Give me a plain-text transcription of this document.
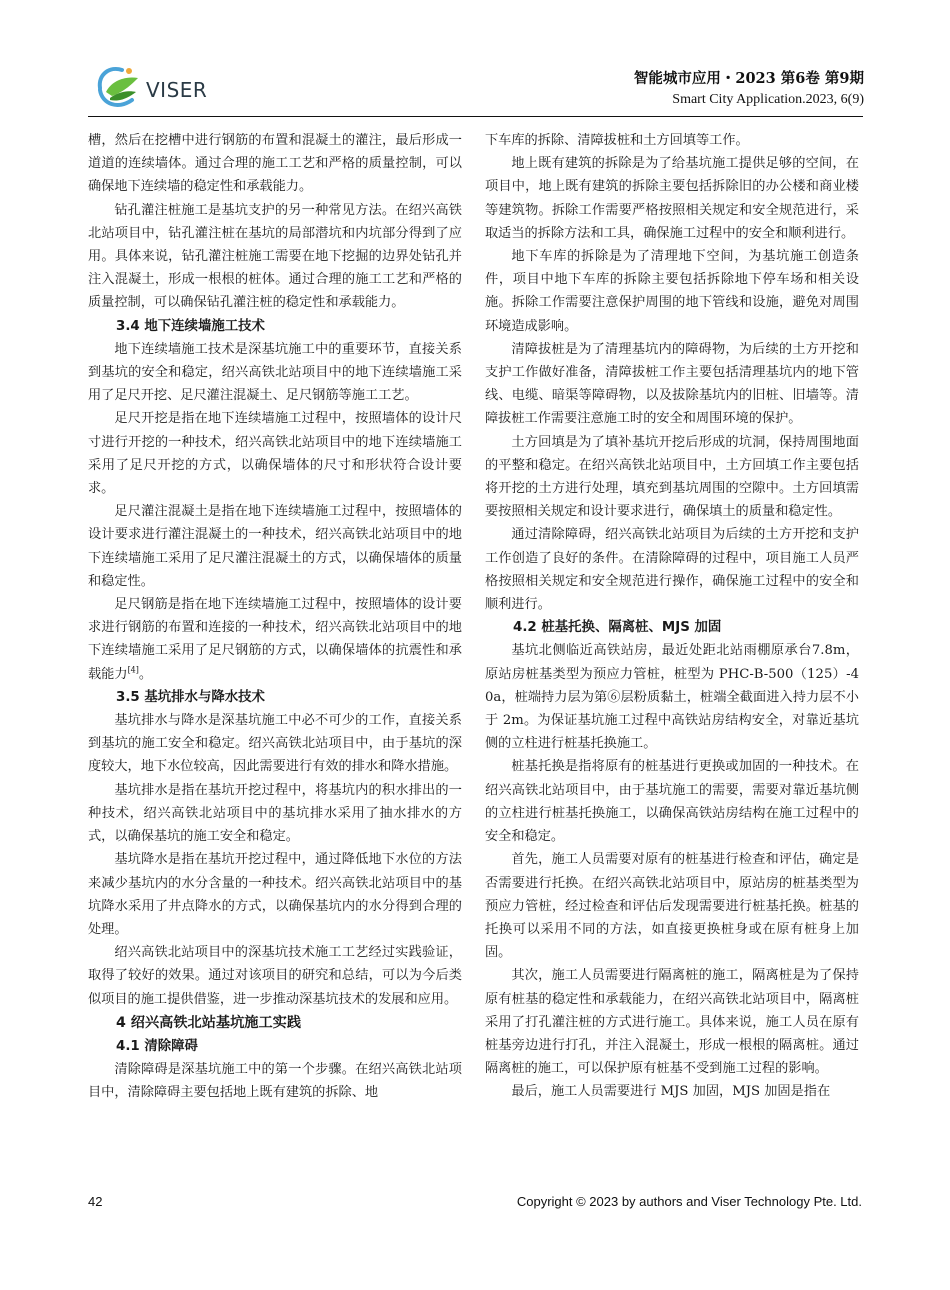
VISER	智能城市应用・2023 第6卷 第9期
Smart City Application.2023, 6(9)

槽，然后在挖槽中进行钢筋的布置和混凝土的灌注，最后形成一道道的连续墙体。通过合理的施工工艺和严格的质量控制，可以确保地下连续墙的稳定性和承载能力。

钻孔灌注桩施工是基坑支护的另一种常见方法。在绍兴高铁北站项目中，钻孔灌注桩在基坑的局部潜坑和内坑部分得到了应用。具体来说，钻孔灌注桩施工需要在地下挖掘的边界处钻孔并注入混凝土，形成一根根的桩体。通过合理的施工工艺和严格的质量控制，可以确保钻孔灌注桩的稳定性和承载能力。

3.4 地下连续墙施工技术

地下连续墙施工技术是深基坑施工中的重要环节，直接关系到基坑的安全和稳定，绍兴高铁北站项目中的地下连续墙施工采用了足尺开挖、足尺灌注混凝土、足尺钢筋等施工工艺。

足尺开挖是指在地下连续墙施工过程中，按照墙体的设计尺寸进行开挖的一种技术，绍兴高铁北站项目中的地下连续墙施工采用了足尺开挖的方式，以确保墙体的尺寸和形状符合设计要求。

足尺灌注混凝土是指在地下连续墙施工过程中，按照墙体的设计要求进行灌注混凝土的一种技术，绍兴高铁北站项目中的地下连续墙施工采用了足尺灌注混凝土的方式，以确保墙体的质量和稳定性。

足尺钢筋是指在地下连续墙施工过程中，按照墙体的设计要求进行钢筋的布置和连接的一种技术，绍兴高铁北站项目中的地下连续墙施工采用了足尺钢筋的方式，以确保墙体的抗震性和承载能力[4]。

3.5 基坑排水与降水技术

基坑排水与降水是深基坑施工中必不可少的工作，直接关系到基坑的施工安全和稳定。绍兴高铁北站项目中，由于基坑的深度较大，地下水位较高，因此需要进行有效的排水和降水措施。

基坑排水是指在基坑开挖过程中，将基坑内的积水排出的一种技术，绍兴高铁北站项目中的基坑排水采用了抽水排水的方式，以确保基坑的施工安全和稳定。

基坑降水是指在基坑开挖过程中，通过降低地下水位的方法来减少基坑内的水分含量的一种技术。绍兴高铁北站项目中的基坑降水采用了井点降水的方式，以确保基坑内的水分得到合理的处理。

绍兴高铁北站项目中的深基坑技术施工工艺经过实践验证，取得了较好的效果。通过对该项目的研究和总结，可以为今后类似项目的施工提供借鉴，进一步推动深基坑技术的发展和应用。

4 绍兴高铁北站基坑施工实践
4.1 清除障碍

清除障碍是深基坑施工中的第一个步骤。在绍兴高铁北站项目中，清除障碍主要包括地上既有建筑的拆除、地

下车库的拆除、清障拔桩和土方回填等工作。

地上既有建筑的拆除是为了给基坑施工提供足够的空间，在项目中，地上既有建筑的拆除主要包括拆除旧的办公楼和商业楼等建筑物。拆除工作需要严格按照相关规定和安全规范进行，采取适当的拆除方法和工具，确保施工过程中的安全和顺利进行。

地下车库的拆除是为了清理地下空间，为基坑施工创造条件，项目中地下车库的拆除主要包括拆除地下停车场和相关设施。拆除工作需要注意保护周围的地下管线和设施，避免对周围环境造成影响。

清障拔桩是为了清理基坑内的障碍物，为后续的土方开挖和支护工作做好准备，清障拔桩工作主要包括清理基坑内的地下管线、电缆、暗渠等障碍物，以及拔除基坑内的旧桩、旧墙等。清障拔桩工作需要注意施工时的安全和周围环境的保护。

土方回填是为了填补基坑开挖后形成的坑洞，保持周围地面的平整和稳定。在绍兴高铁北站项目中，土方回填工作主要包括将开挖的土方进行处理，填充到基坑周围的空隙中。土方回填需要按照相关规定和设计要求进行，确保填土的质量和稳定性。

通过清除障碍，绍兴高铁北站项目为后续的土方开挖和支护工作创造了良好的条件。在清除障碍的过程中，项目施工人员严格按照相关规定和安全规范进行操作，确保施工过程中的安全和顺利进行。

4.2 桩基托换、隔离桩、MJS 加固

基坑北侧临近高铁站房，最近处距北站雨棚原承台7.8m，原站房桩基类型为预应力管桩，桩型为 PHC-B-500（125）-40a，桩端持力层为第⑥层粉质黏土，桩端全截面进入持力层不小于 2m。为保证基坑施工过程中高铁站房结构安全，对靠近基坑侧的立柱进行桩基托换施工。

桩基托换是指将原有的桩基进行更换或加固的一种技术。在绍兴高铁北站项目中，由于基坑施工的需要，需要对靠近基坑侧的立柱进行桩基托换施工，以确保高铁站房结构在施工过程中的安全和稳定。

首先，施工人员需要对原有的桩基进行检查和评估，确定是否需要进行托换。在绍兴高铁北站项目中，原站房的桩基类型为预应力管桩，经过检查和评估后发现需要进行桩基托换。桩基的托换可以采用不同的方法，如直接更换桩身或在原有桩身上加固。

其次，施工人员需要进行隔离桩的施工，隔离桩是为了保持原有桩基的稳定性和承载能力，在绍兴高铁北站项目中，隔离桩采用了打孔灌注桩的方式进行施工。具体来说，施工人员在原有桩基旁边进行打孔，并注入混凝土，形成一根根的隔离桩。通过隔离桩的施工，可以保护原有桩基不受到施工过程的影响。

最后，施工人员需要进行 MJS 加固，MJS 加固是指在

42	Copyright © 2023 by authors and Viser Technology Pte. Ltd.
